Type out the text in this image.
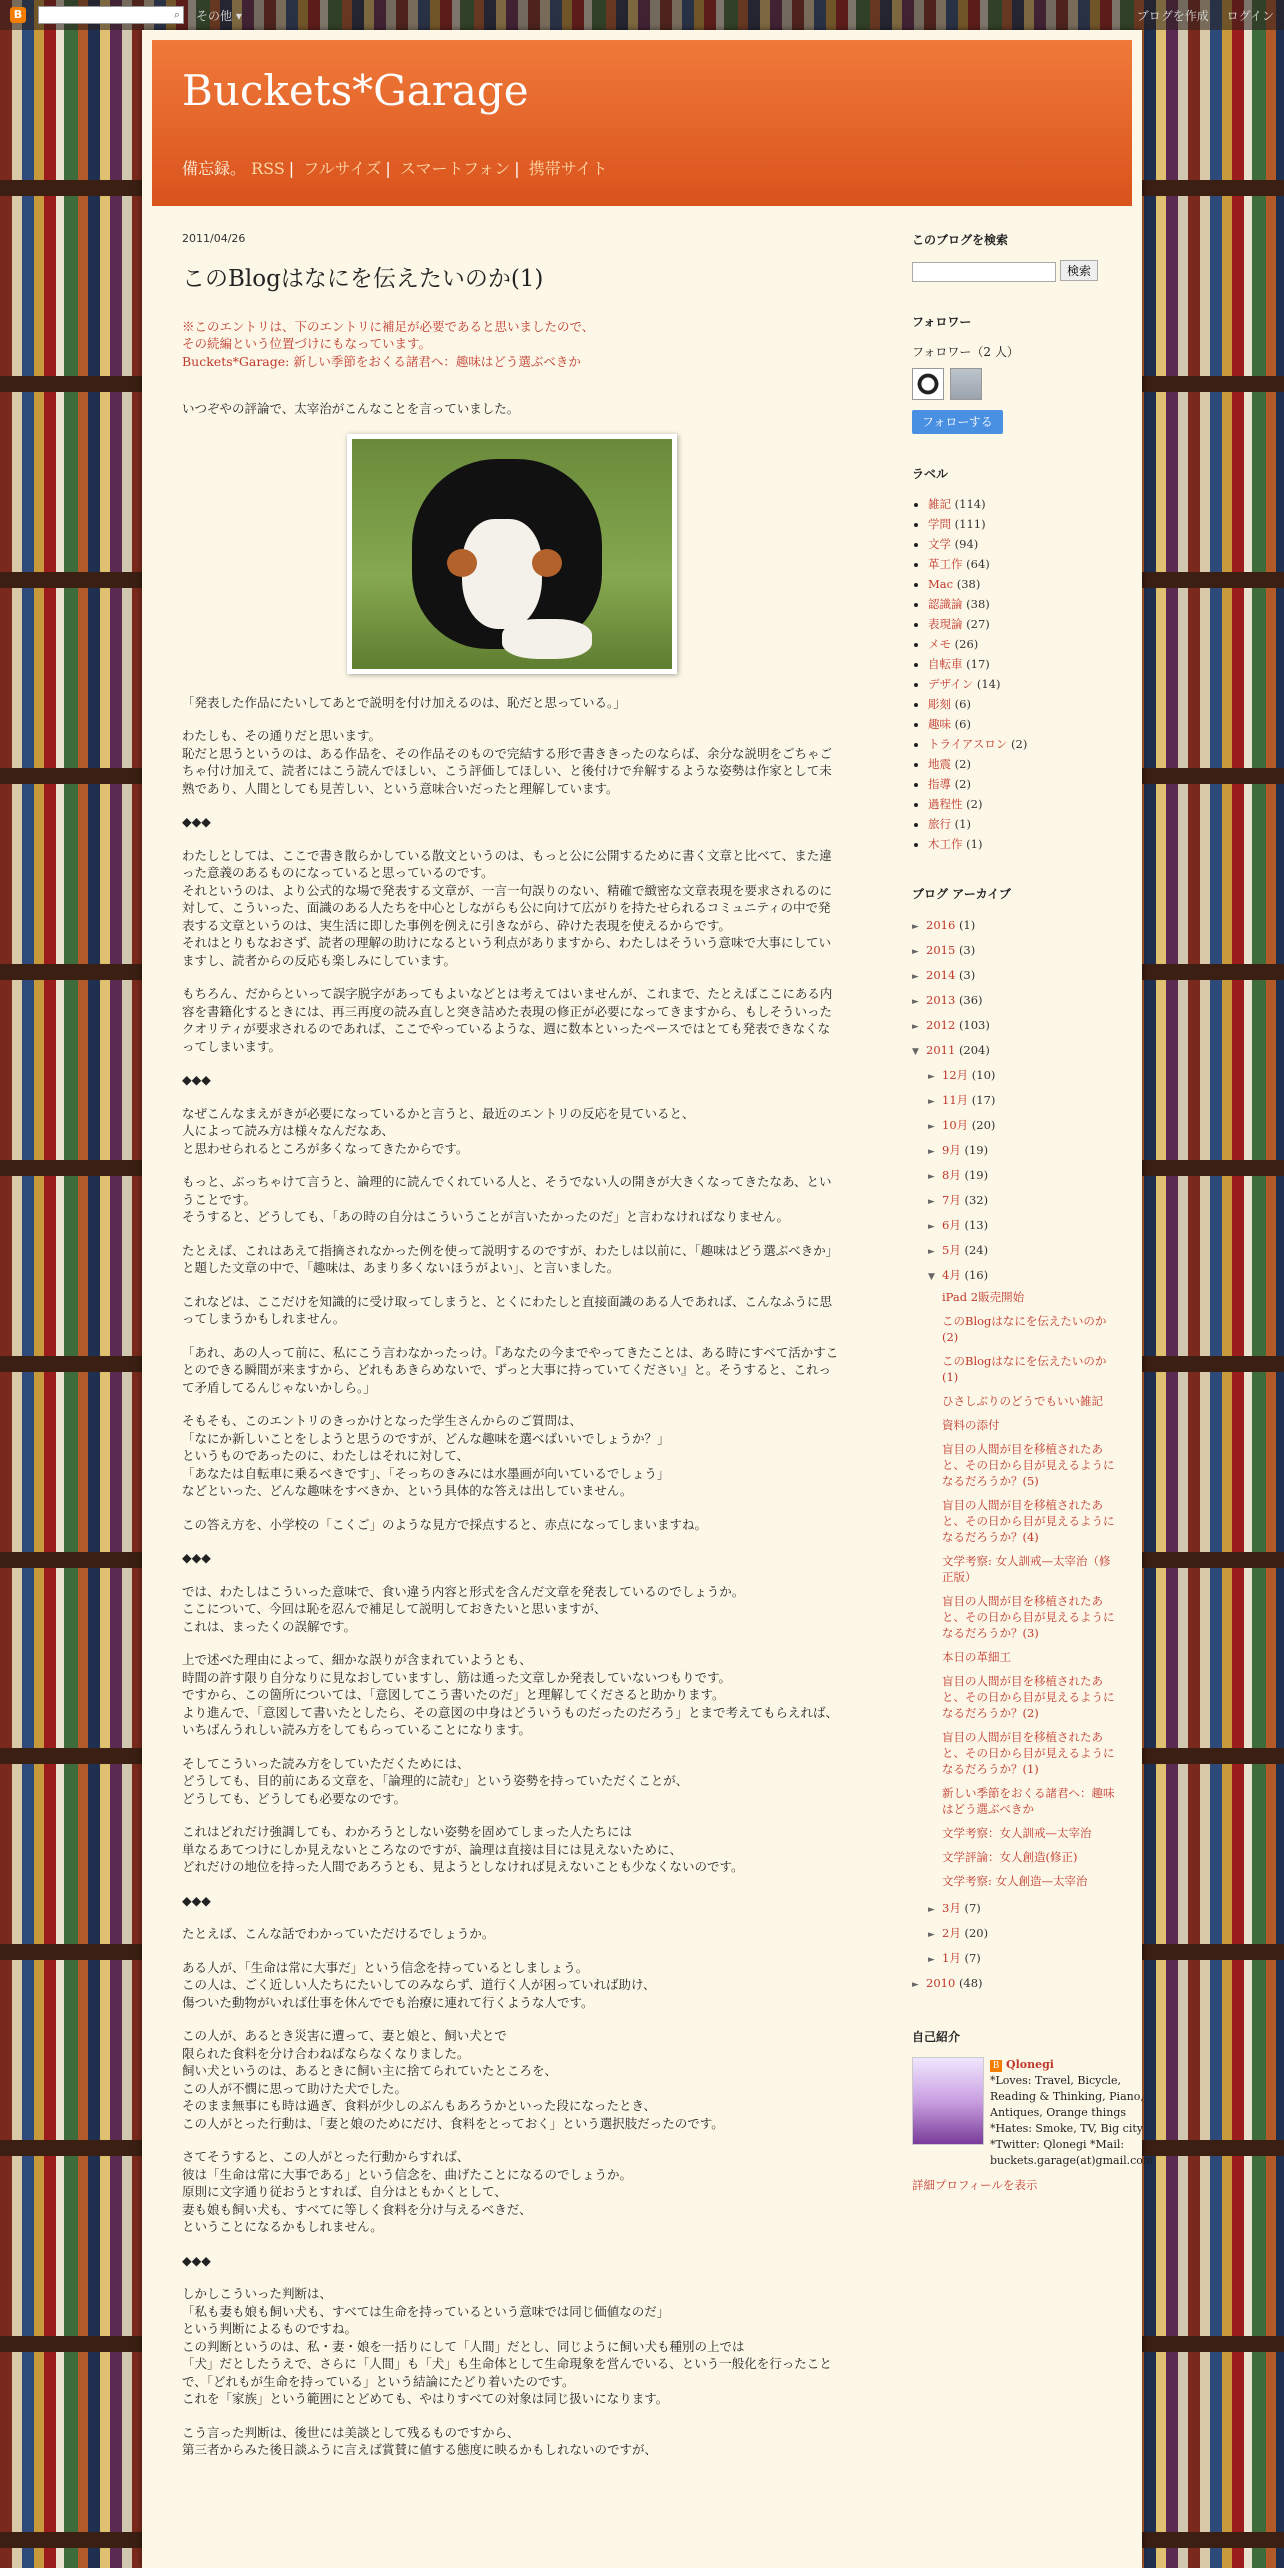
B	⌕ その他 ▾	ブログを作成 ログイン
Buckets*Garage
備忘録。 RSS | フルサイズ | スマートフォン | 携帯サイト
2011/04/26
このBlogはなにを伝えたいのか(1)
※このエントリは、下のエントリに補足が必要であると思いましたので、
その続編という位置づけにもなっています。
Buckets*Garage: 新しい季節をおくる諸君へ：趣味はどう選ぶべきか

いつぞやの評論で、太宰治がこんなことを言っていました。

「発表した作品にたいしてあとで説明を付け加えるのは、恥だと思っている。」

わたしも、その通りだと思います。
恥だと思うというのは、ある作品を、その作品そのもので完結する形で書ききったのならば、余分な説明をごちゃごちゃ付け加えて、読者にはこう読んでほしい、こう評価してほしい、と後付けで弁解するような姿勢は作家として未熟であり、人間としても見苦しい、という意味合いだったと理解しています。

◆◆◆

わたしとしては、ここで書き散らかしている散文というのは、もっと公に公開するために書く文章と比べて、また違った意義のあるものになっていると思っているのです。
それというのは、より公式的な場で発表する文章が、一言一句誤りのない、精確で緻密な文章表現を要求されるのに対して、こういった、面識のある人たちを中心としながらも公に向けて広がりを持たせられるコミュニティの中で発表する文章というのは、実生活に即した事例を例えに引きながら、砕けた表現を使えるからです。
それはとりもなおさず、読者の理解の助けになるという利点がありますから、わたしはそういう意味で大事にしていますし、読者からの反応も楽しみにしています。

もちろん、だからといって誤字脱字があってもよいなどとは考えてはいませんが、これまで、たとえばここにある内容を書籍化するときには、再三再度の読み直しと突き詰めた表現の修正が必要になってきますから、もしそういったクオリティが要求されるのであれば、ここでやっているような、週に数本といったペースではとても発表できなくなってしまいます。

◆◆◆

なぜこんなまえがきが必要になっているかと言うと、最近のエントリの反応を見ていると、
人によって読み方は様々なんだなあ、
と思わせられるところが多くなってきたからです。

もっと、ぶっちゃけて言うと、論理的に読んでくれている人と、そうでない人の開きが大きくなってきたなあ、ということです。
そうすると、どうしても、「あの時の自分はこういうことが言いたかったのだ」と言わなければなりません。

たとえば、これはあえて指摘されなかった例を使って説明するのですが、わたしは以前に、「趣味はどう選ぶべきか」と題した文章の中で、「趣味は、あまり多くないほうがよい」、と言いました。

これなどは、ここだけを知識的に受け取ってしまうと、とくにわたしと直接面識のある人であれば、こんなふうに思ってしまうかもしれません。

「あれ、あの人って前に、私にこう言わなかったっけ。『あなたの今までやってきたことは、ある時にすべて活かすことのできる瞬間が来ますから、どれもあきらめないで、ずっと大事に持っていてください』と。そうすると、これって矛盾してるんじゃないかしら。」

そもそも、このエントリのきっかけとなった学生さんからのご質問は、
「なにか新しいことをしようと思うのですが、どんな趣味を選べばいいでしょうか？」
というものであったのに、わたしはそれに対して、
「あなたは自転車に乗るべきです」、「そっちのきみには水墨画が向いているでしょう」
などといった、どんな趣味をすべきか、という具体的な答えは出していません。

この答え方を、小学校の「こくご」のような見方で採点すると、赤点になってしまいますね。

◆◆◆

では、わたしはこういった意味で、食い違う内容と形式を含んだ文章を発表しているのでしょうか。
ここについて、今回は恥を忍んで補足して説明しておきたいと思いますが、
これは、まったくの誤解です。

上で述べた理由によって、細かな誤りが含まれていようとも、
時間の許す限り自分なりに見なおしていますし、筋は通った文章しか発表していないつもりです。
ですから、この箇所については、「意図してこう書いたのだ」と理解してくださると助かります。
より進んで、「意図して書いたとしたら、その意図の中身はどういうものだったのだろう」とまで考えてもらえれば、いちばんうれしい読み方をしてもらっていることになります。

そしてこういった読み方をしていただくためには、
どうしても、目的前にある文章を、「論理的に読む」という姿勢を持っていただくことが、
どうしても、どうしても必要なのです。

これはどれだけ強調しても、わかろうとしない姿勢を固めてしまった人たちには
単なるあてつけにしか見えないところなのですが、論理は直接は目には見えないために、
どれだけの地位を持った人間であろうとも、見ようとしなければ見えないことも少なくないのです。

◆◆◆

たとえば、こんな話でわかっていただけるでしょうか。

ある人が、「生命は常に大事だ」という信念を持っているとしましょう。
この人は、ごく近しい人たちにたいしてのみならず、道行く人が困っていれば助け、
傷ついた動物がいれば仕事を休んででも治療に連れて行くような人です。

この人が、あるとき災害に遭って、妻と娘と、飼い犬とで
限られた食料を分け合わねばならなくなりました。
飼い犬というのは、あるときに飼い主に捨てられていたところを、
この人が不憫に思って助けた犬でした。
そのまま無事にも時は過ぎ、食料が少しのぶんもあろうかといった段になったとき、
この人がとった行動は、「妻と娘のためにだけ、食料をとっておく」という選択肢だったのです。

さてそうすると、この人がとった行動からすれば、
彼は「生命は常に大事である」という信念を、曲げたことになるのでしょうか。
原則に文字通り従おうとすれば、自分はともかくとして、
妻も娘も飼い犬も、すべてに等しく食料を分け与えるべきだ、
ということになるかもしれません。

◆◆◆

しかしこういった判断は、
「私も妻も娘も飼い犬も、すべては生命を持っているという意味では同じ価値なのだ」
という判断によるものですね。
この判断というのは、私・妻・娘を一括りにして「人間」だとし、同じように飼い犬も種別の上では
「犬」だとしたうえで、さらに「人間」も「犬」も生命体として生命現象を営んでいる、という一般化を行ったことで、「どれもが生命を持っている」という結論にたどり着いたのです。
これを「家族」という範囲にとどめても、やはりすべての対象は同じ扱いになります。

こう言った判断は、後世には美談として残るものですから、
第三者からみた後日談ふうに言えば賞賛に値する態度に映るかもしれないのですが、

このブログを検索
検索
フォロワー
フォロワー（2 人）
フォローする
ラベル
• 雑記 (114)
• 学問 (111)
• 文学 (94)
• 革工作 (64)
• Mac (38)
• 認識論 (38)
• 表現論 (27)
• メモ (26)
• 自転車 (17)
• デザイン (14)
• 彫刻 (6)
• 趣味 (6)
• トライアスロン (2)
• 地震 (2)
• 指導 (2)
• 過程性 (2)
• 旅行 (1)
• 木工作 (1)
ブログ アーカイブ
► 2016 (1)
► 2015 (3)
► 2014 (3)
► 2013 (36)
► 2012 (103)
▼ 2011 (204)
► 12月 (10)
► 11月 (17)
► 10月 (20)
► 9月 (19)
► 8月 (19)
► 7月 (32)
► 6月 (13)
► 5月 (24)
▼ 4月 (16)
iPad 2販売開始
このBlogはなにを伝えたいのか(2)
このBlogはなにを伝えたいのか(1)
ひさしぶりのどうでもいい雑記
資料の添付
盲目の人間が目を移植されたあと、その日から目が見えるようになるだろうか？(5)
盲目の人間が目を移植されたあと、その日から目が見えるようになるだろうか？(4)
文学考察: 女人訓戒—太宰治（修正版）
盲目の人間が目を移植されたあと、その日から目が見えるようになるだろうか？(3)
本日の革細工
盲目の人間が目を移植されたあと、その日から目が見えるようになるだろうか？(2)
盲目の人間が目を移植されたあと、その日から目が見えるようになるだろうか？(1)
新しい季節をおくる諸君へ：趣味はどう選ぶべきか
文学考察：女人訓戒—太宰治
文学評論：女人創造(修正)
文学考察: 女人創造—太宰治
► 3月 (7)
► 2月 (20)
► 1月 (7)
► 2010 (48)
自己紹介
B Qlonegi
*Loves: Travel, Bicycle, Reading & Thinking, Piano, Antiques, Orange things *Hates: Smoke, TV, Big city *Twitter: Qlonegi *Mail: buckets.garage(at)gmail.com
詳細プロフィールを表示
